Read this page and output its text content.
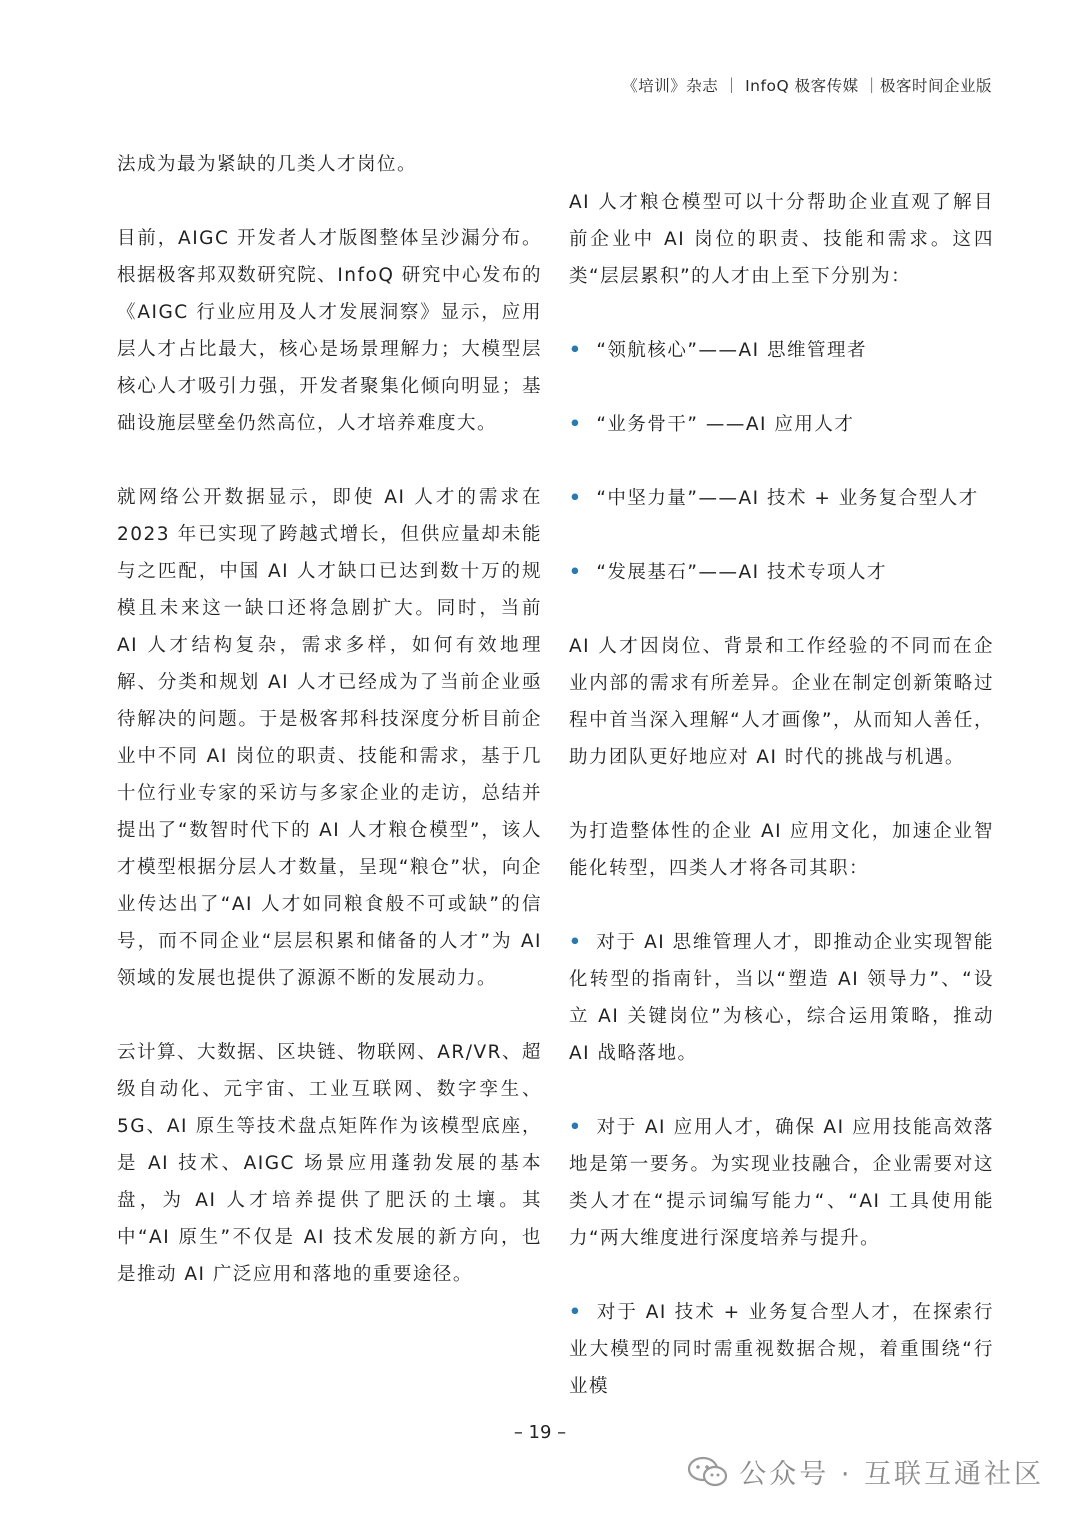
《培训》杂志 ｜ InfoQ 极客传媒 ｜极客时间企业版

法成为最为紧缺的几类人才岗位。

目前，AIGC 开发者人才版图整体呈沙漏分布。根据极客邦双数研究院、InfoQ 研究中心发布的《AIGC 行业应用及人才发展洞察》显示，应用层人才占比最大，核心是场景理解力；大模型层核心人才吸引力强，开发者聚集化倾向明显；基础设施层壁垒仍然高位，人才培养难度大。

就网络公开数据显示，即使 AI 人才的需求在 2023 年已实现了跨越式增长，但供应量却未能与之匹配，中国 AI 人才缺口已达到数十万的规模且未来这一缺口还将急剧扩大。同时，当前 AI 人才结构复杂，需求多样，如何有效地理解、分类和规划 AI 人才已经成为了当前企业亟待解决的问题。于是极客邦科技深度分析目前企业中不同 AI 岗位的职责、技能和需求，基于几十位行业专家的采访与多家企业的走访，总结并提出了“数智时代下的 AI 人才粮仓模型”，该人才模型根据分层人才数量，呈现“粮仓”状，向企业传达出了“AI 人才如同粮食般不可或缺”的信号，而不同企业“层层积累和储备的人才”为 AI 领域的发展也提供了源源不断的发展动力。

云计算、大数据、区块链、物联网、AR/VR、超级自动化、元宇宙、工业互联网、数字孪生、5G、AI 原生等技术盘点矩阵作为该模型底座，是 AI 技术、AIGC 场景应用蓬勃发展的基本盘，为 AI 人才培养提供了肥沃的土壤。其中“AI 原生”不仅是 AI 技术发展的新方向，也是推动 AI 广泛应用和落地的重要途径。

AI 人才粮仓模型可以十分帮助企业直观了解目前企业中 AI 岗位的职责、技能和需求。这四类“层层累积”的人才由上至下分别为：

• “领航核心”——AI 思维管理者
• “业务骨干” ——AI 应用人才
• “中坚力量”——AI 技术 + 业务复合型人才
• “发展基石”——AI 技术专项人才

AI 人才因岗位、背景和工作经验的不同而在企业内部的需求有所差异。企业在制定创新策略过程中首当深入理解“人才画像”，从而知人善任，助力团队更好地应对 AI 时代的挑战与机遇。

为打造整体性的企业 AI 应用文化，加速企业智能化转型，四类人才将各司其职：

• 对于 AI 思维管理人才，即推动企业实现智能化转型的指南针，当以“塑造 AI 领导力”、“设立 AI 关键岗位”为核心，综合运用策略，推动 AI 战略落地。

• 对于 AI 应用人才，确保 AI 应用技能高效落地是第一要务。为实现业技融合，企业需要对这类人才在“提示词编写能力“、“AI 工具使用能力“两大维度进行深度培养与提升。

• 对于 AI 技术 + 业务复合型人才，在探索行业大模型的同时需重视数据合规，着重围绕“行业模

– 19 –
公众号 · 互联互通社区
